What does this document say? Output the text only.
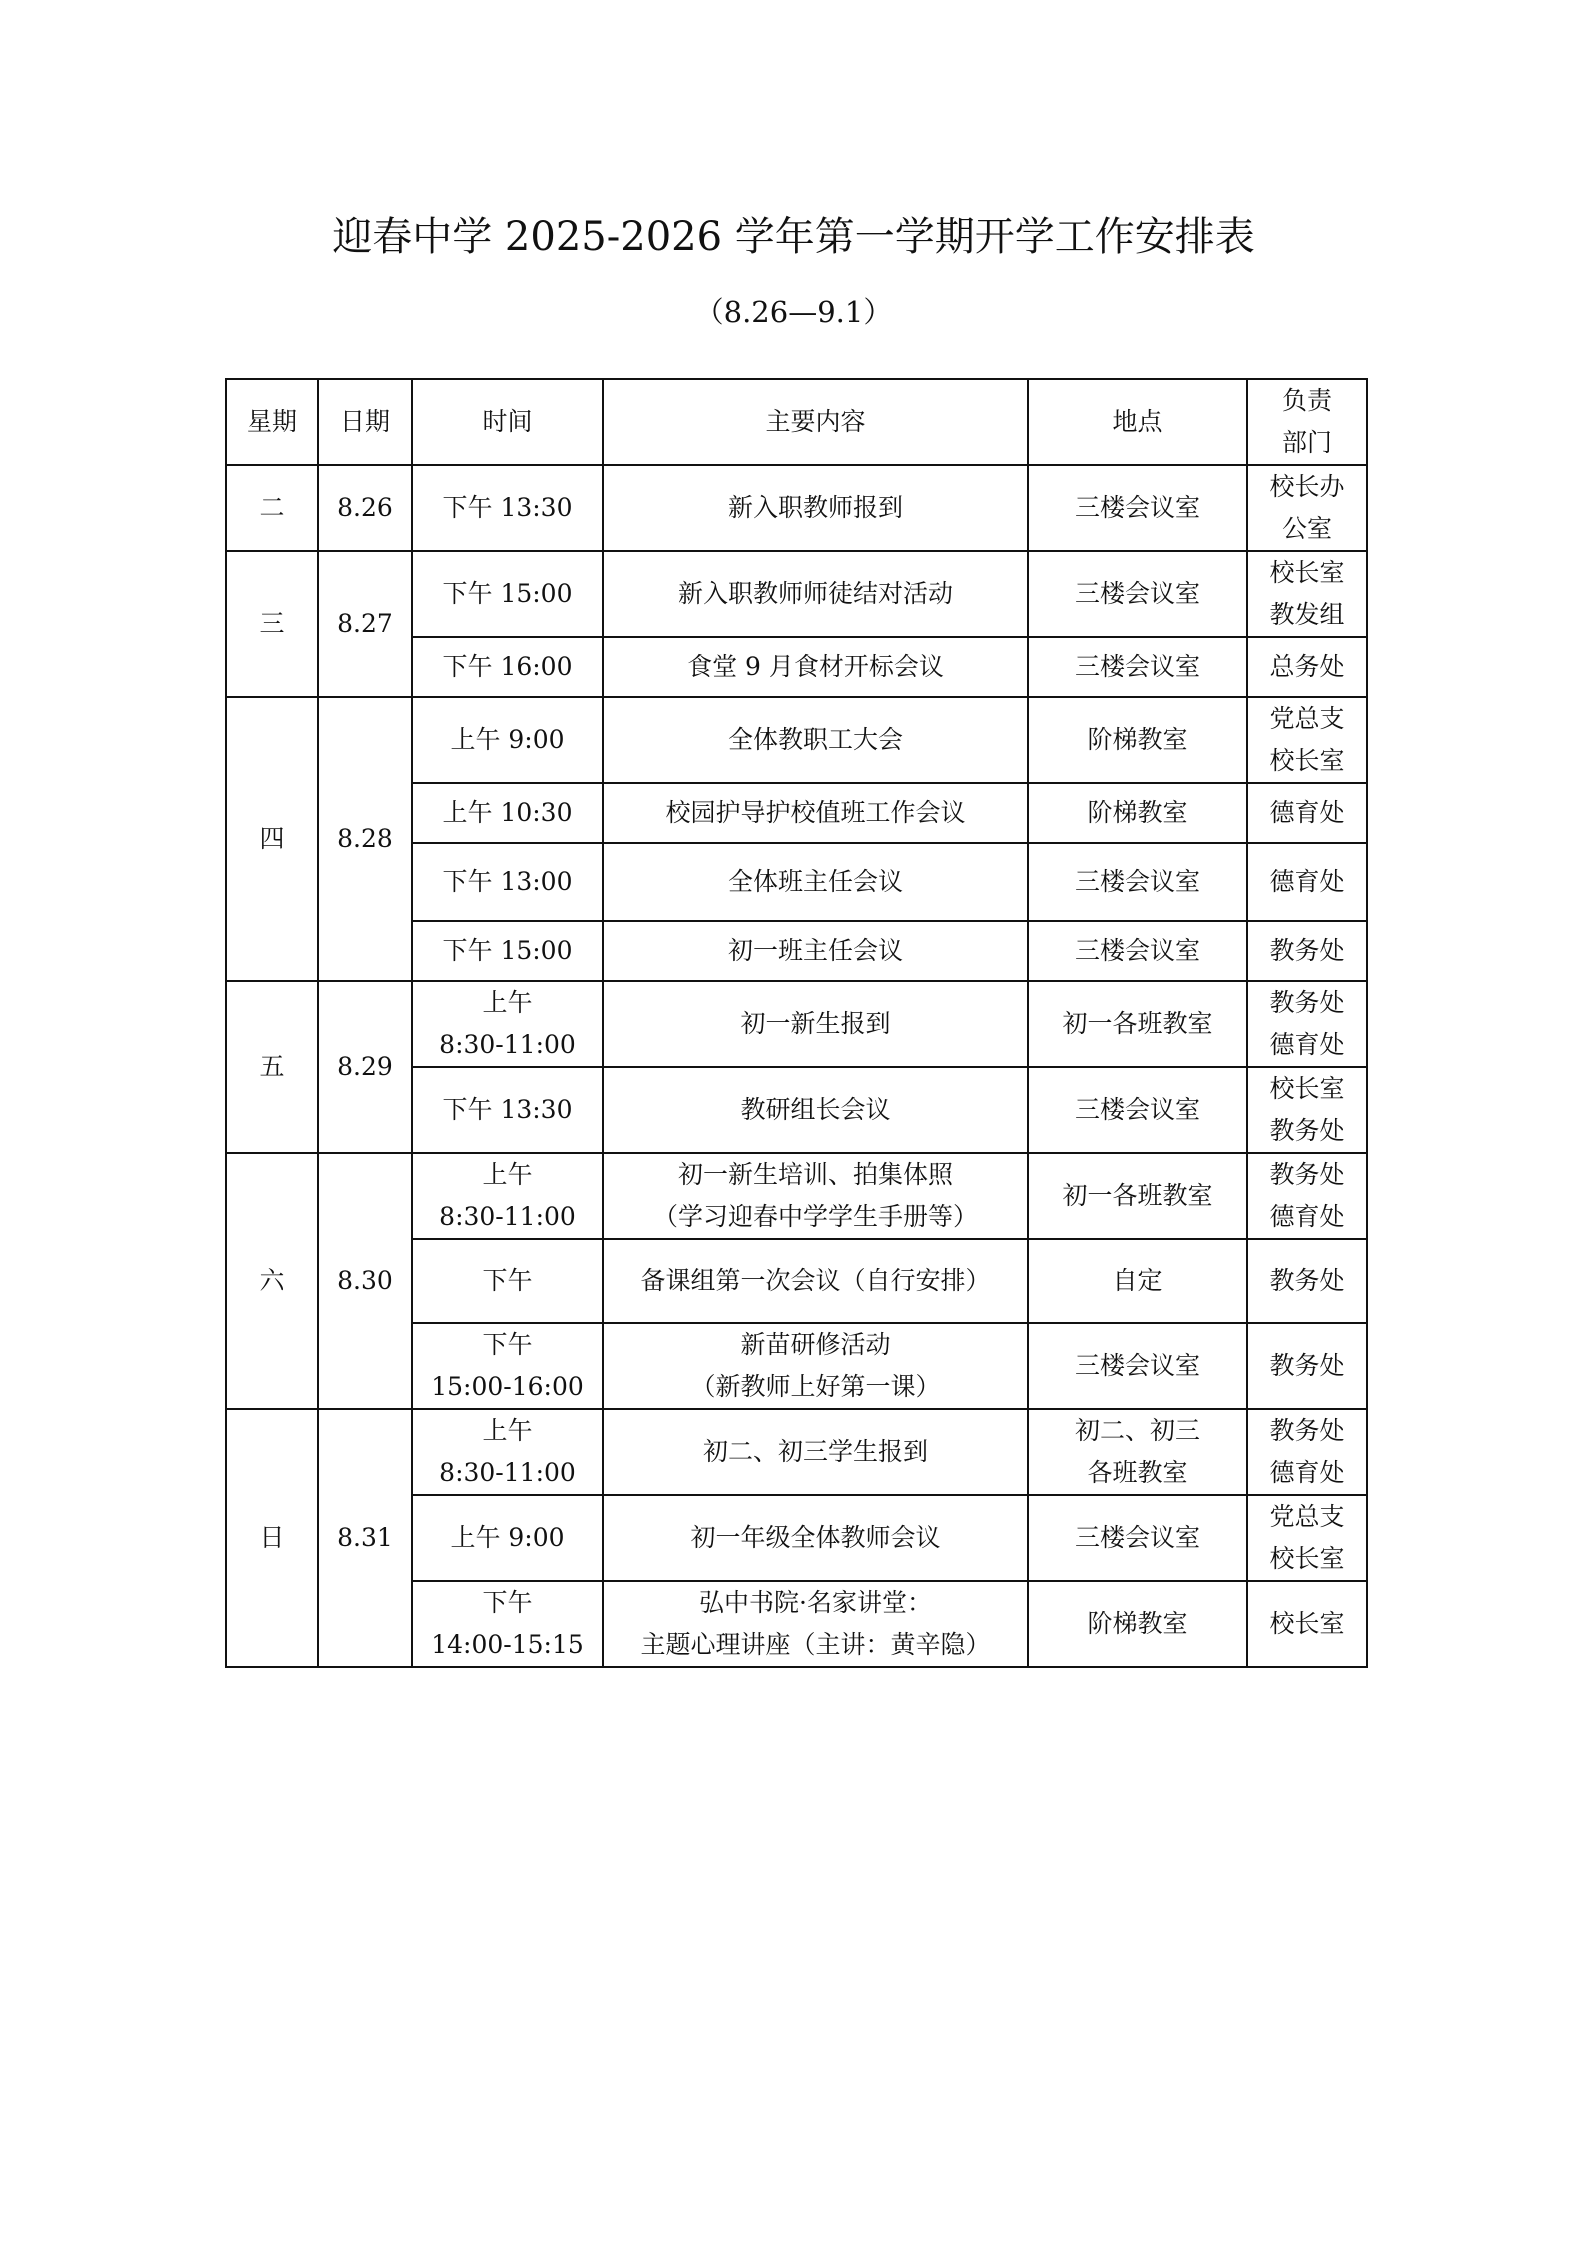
迎春中学 2025-2026 学年第一学期开学工作安排表
（8.26—9.1）
星期	日期	时间	主要内容	地点	负责
部门

二	8.26	下午 13:30	新入职教师报到	三楼会议室	校长办
公室

三	8.27	下午 15:00	新入职教师师徒结对活动	三楼会议室	校长室
教发组

		下午 16:00	食堂 9 月食材开标会议	三楼会议室	总务处

四	8.28	上午 9:00	全体教职工大会	阶梯教室	党总支
校长室

		上午 10:30	校园护导护校值班工作会议	阶梯教室	德育处

		下午 13:00	全体班主任会议	三楼会议室	德育处

		下午 15:00	初一班主任会议	三楼会议室	教务处

五	8.29	上午
8:30-11:00	初一新生报到	初一各班教室	教务处
德育处

		下午 13:30	教研组长会议	三楼会议室	校长室
教务处

六	8.30	上午
8:30-11:00	初一新生培训、拍集体照
（学习迎春中学学生手册等）	初一各班教室	教务处
德育处

		下午	备课组第一次会议（自行安排）	自定	教务处

		下午
15:00-16:00	新苗研修活动
（新教师上好第一课）	三楼会议室	教务处

日	8.31	上午
8:30-11:00	初二、初三学生报到	初二、初三
各班教室	教务处
德育处

		上午 9:00	初一年级全体教师会议	三楼会议室	党总支
校长室

		下午
14:00-15:15	弘中书院·名家讲堂：
主题心理讲座（主讲：黄辛隐）	阶梯教室	校长室
